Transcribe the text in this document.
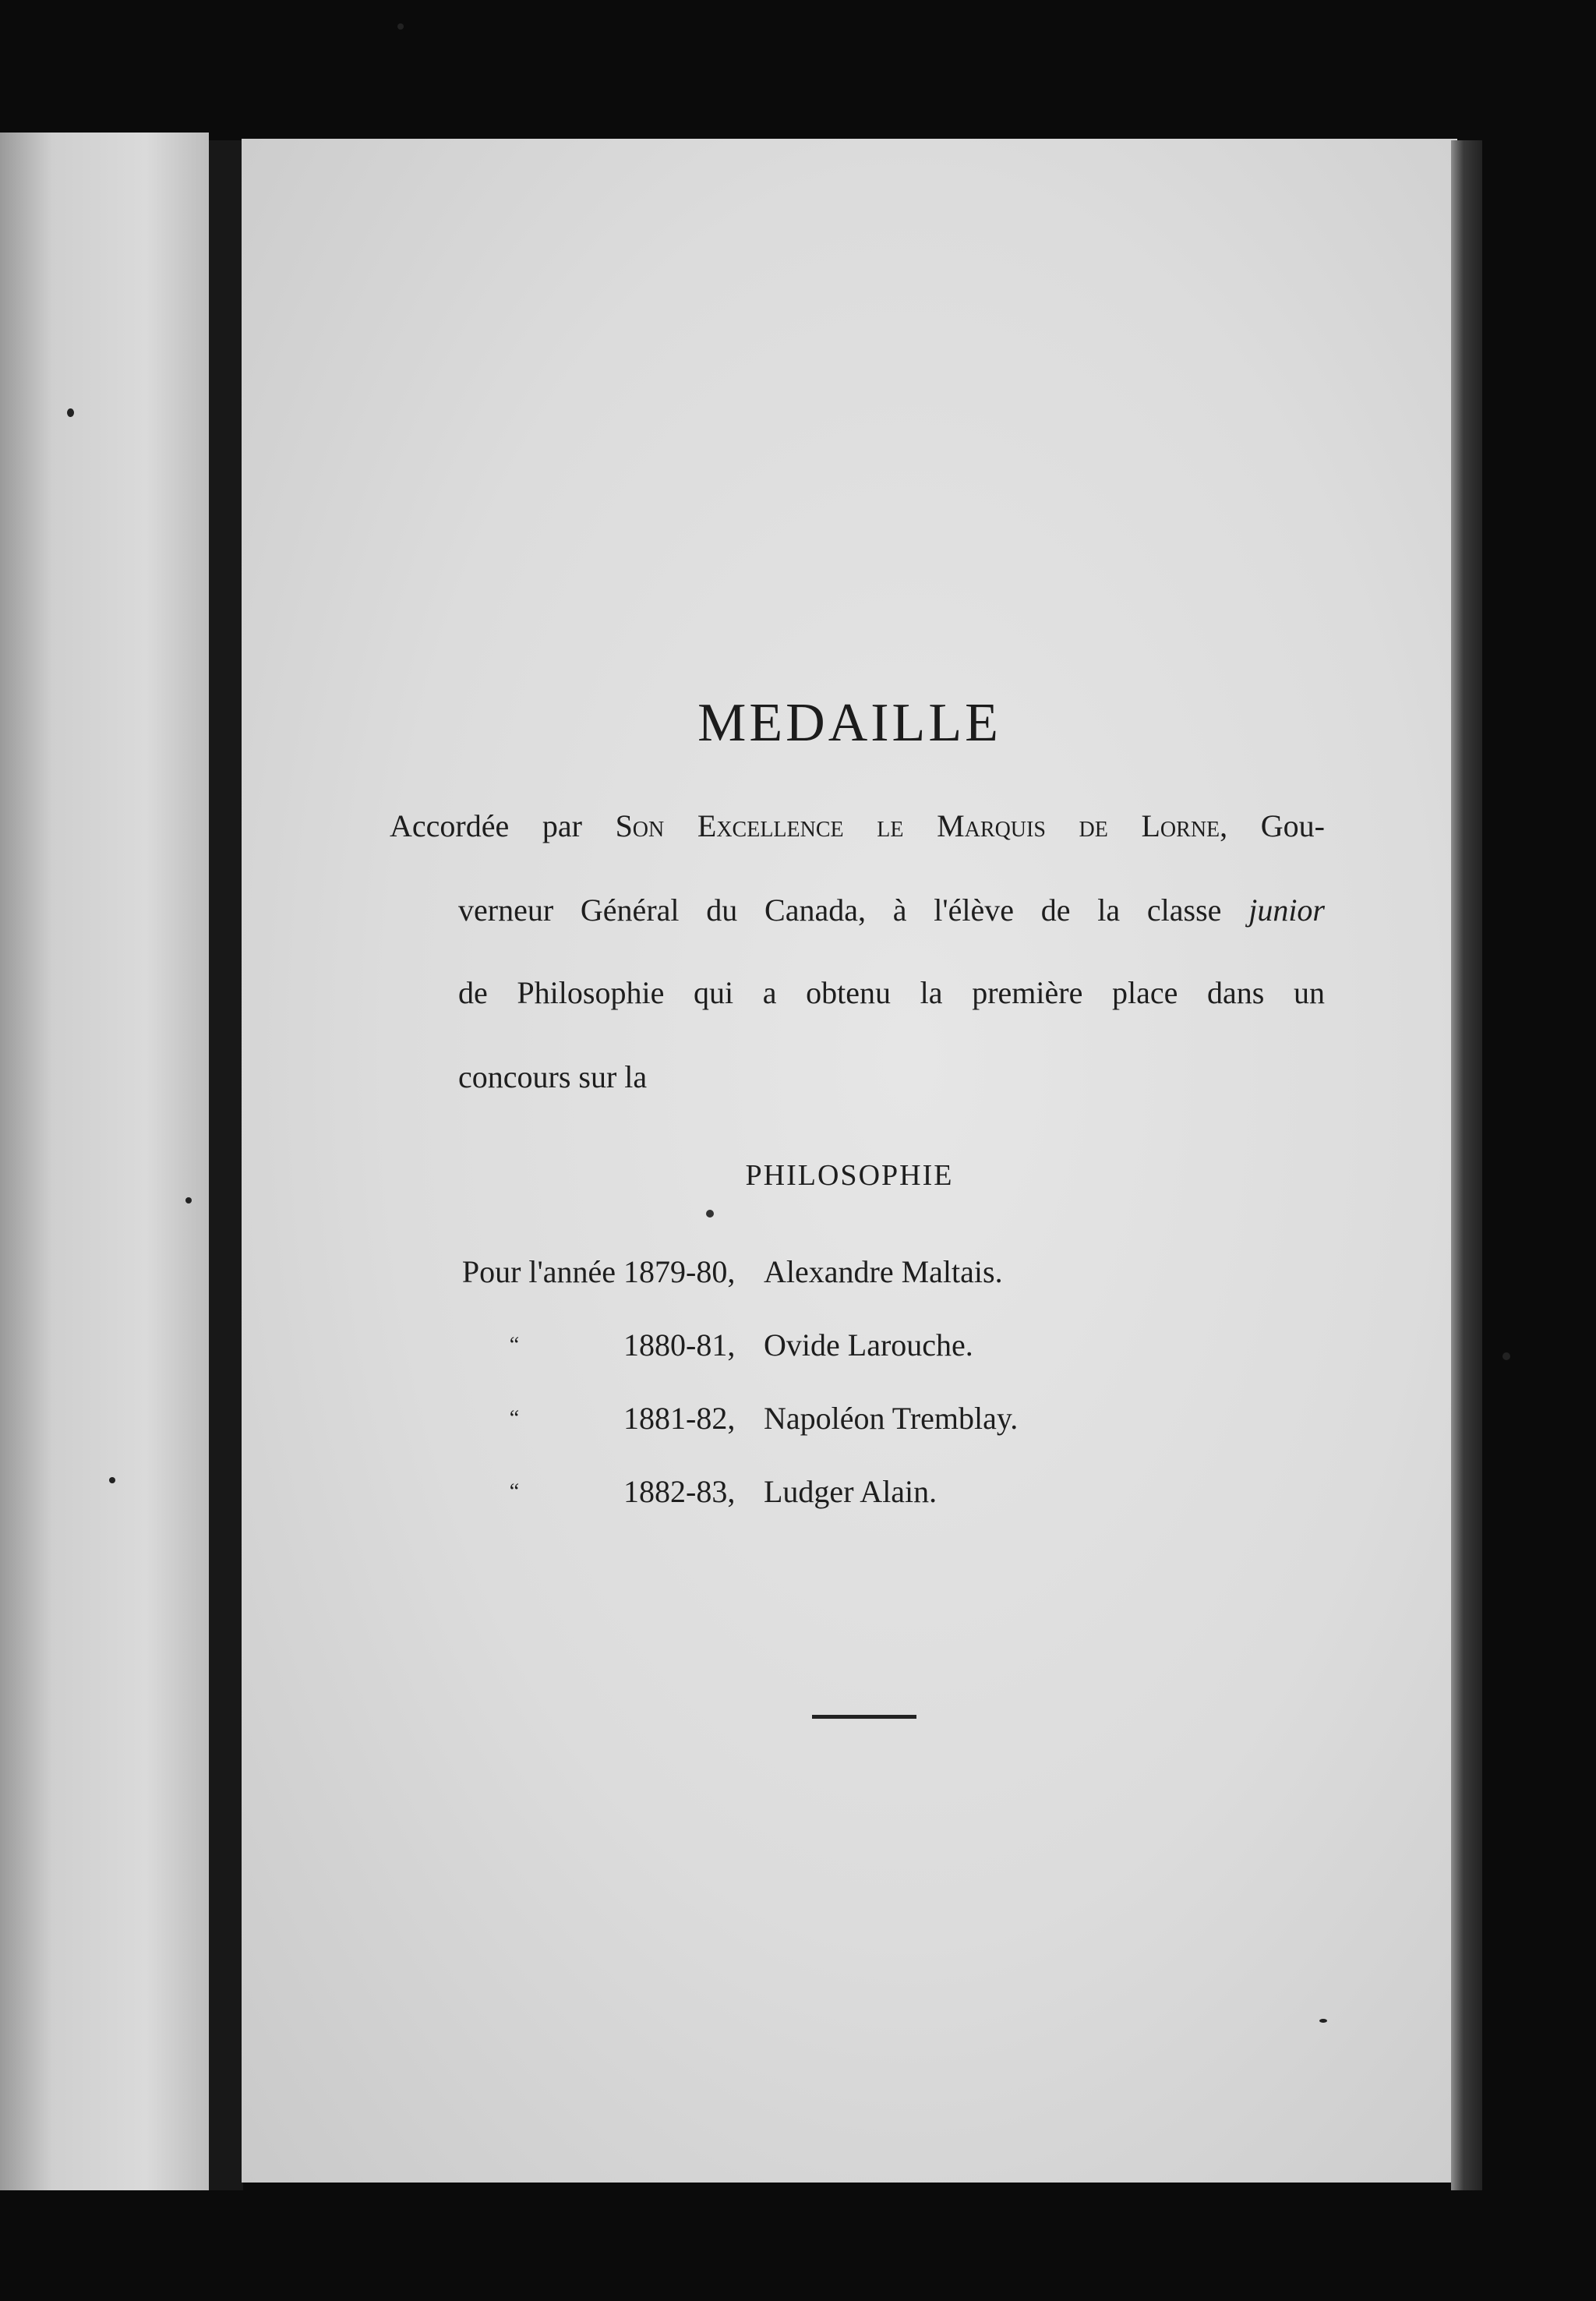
MEDAILLE
Accordée par Son Excellence le Marquis de Lorne, Gou-
verneur Général du Canada, à l'élève de la classe junior
de Philosophie qui a obtenu la première place dans un
concours sur la
PHILOSOPHIE
Pour l'année 1879-80, Alexandre Maltais.
“	1880-81, Ovide Larouche.
“	1881-82, Napoléon Tremblay.
“	1882-83, Ludger Alain.
